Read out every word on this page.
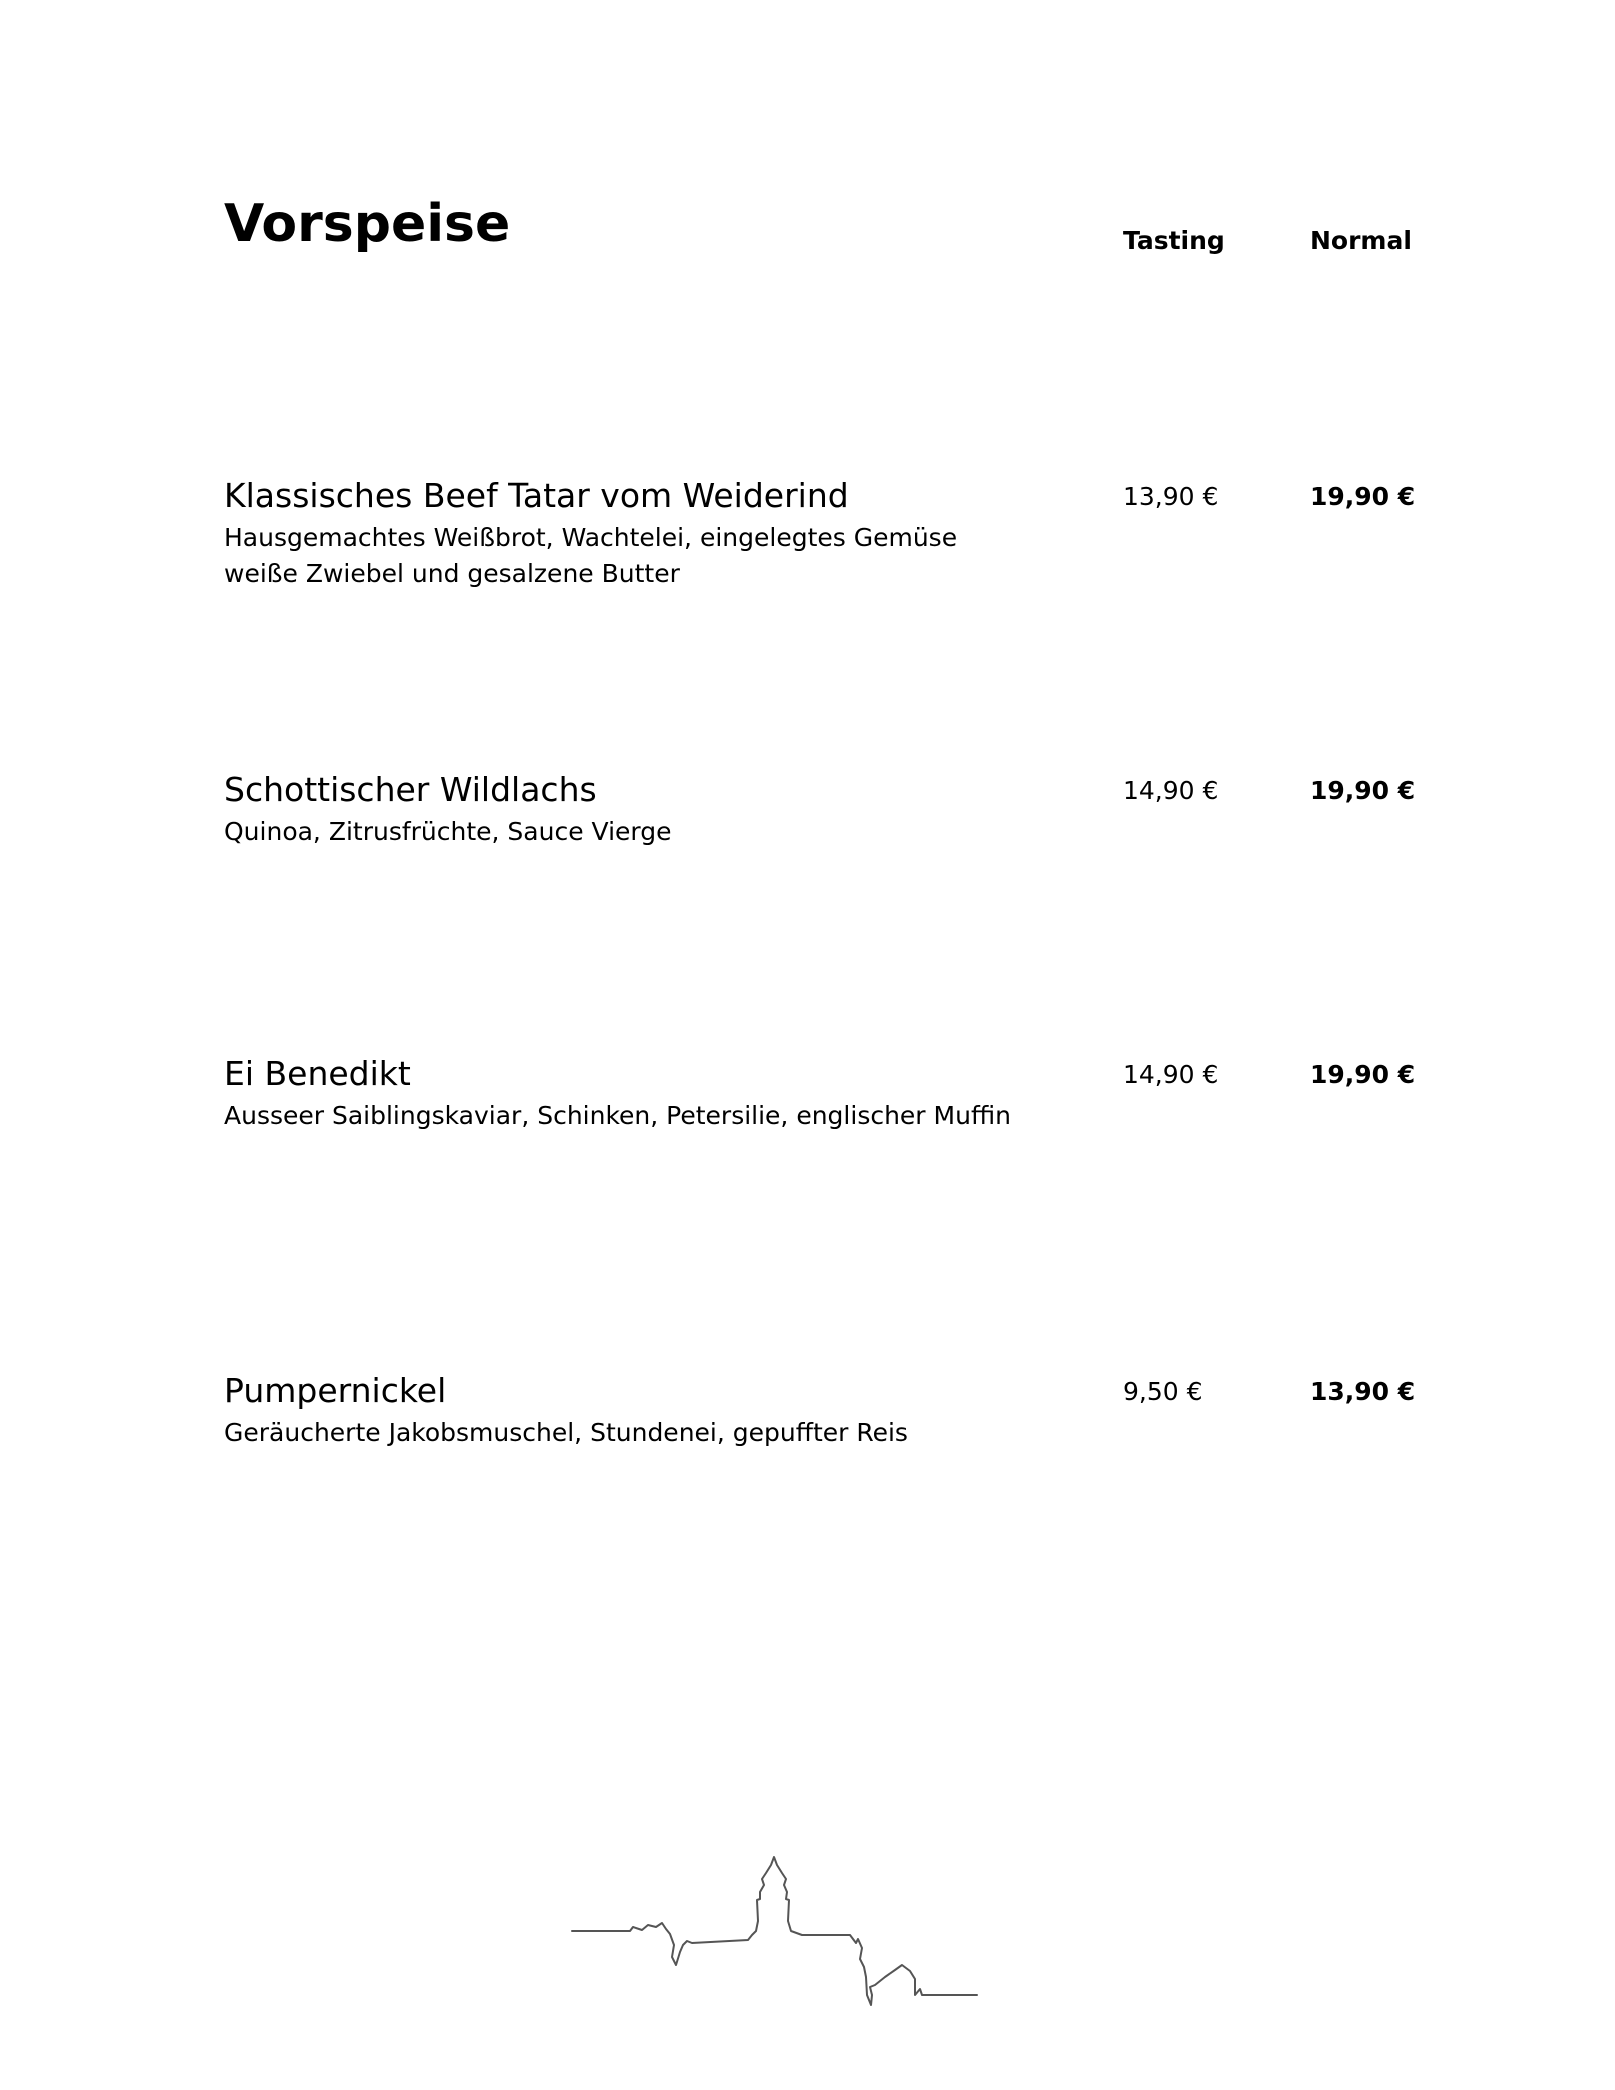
Vorspeise	Tasting	Normal
Klassisches Beef Tatar vom Weiderind
Hausgemachtes Weißbrot, Wachtelei, eingelegtes Gemüse
weiße Zwiebel und gesalzene Butter
13,90 €	19,90 €
Schottischer Wildlachs
Quinoa, Zitrusfrüchte, Sauce Vierge
14,90 €	19,90 €
Ei Benedikt
Ausseer Saiblingskaviar, Schinken, Petersilie, englischer Muffin
14,90 €	19,90 €
Pumpernickel
Geräucherte Jakobsmuschel, Stundenei, gepuffter Reis
9,50 €	13,90 €
